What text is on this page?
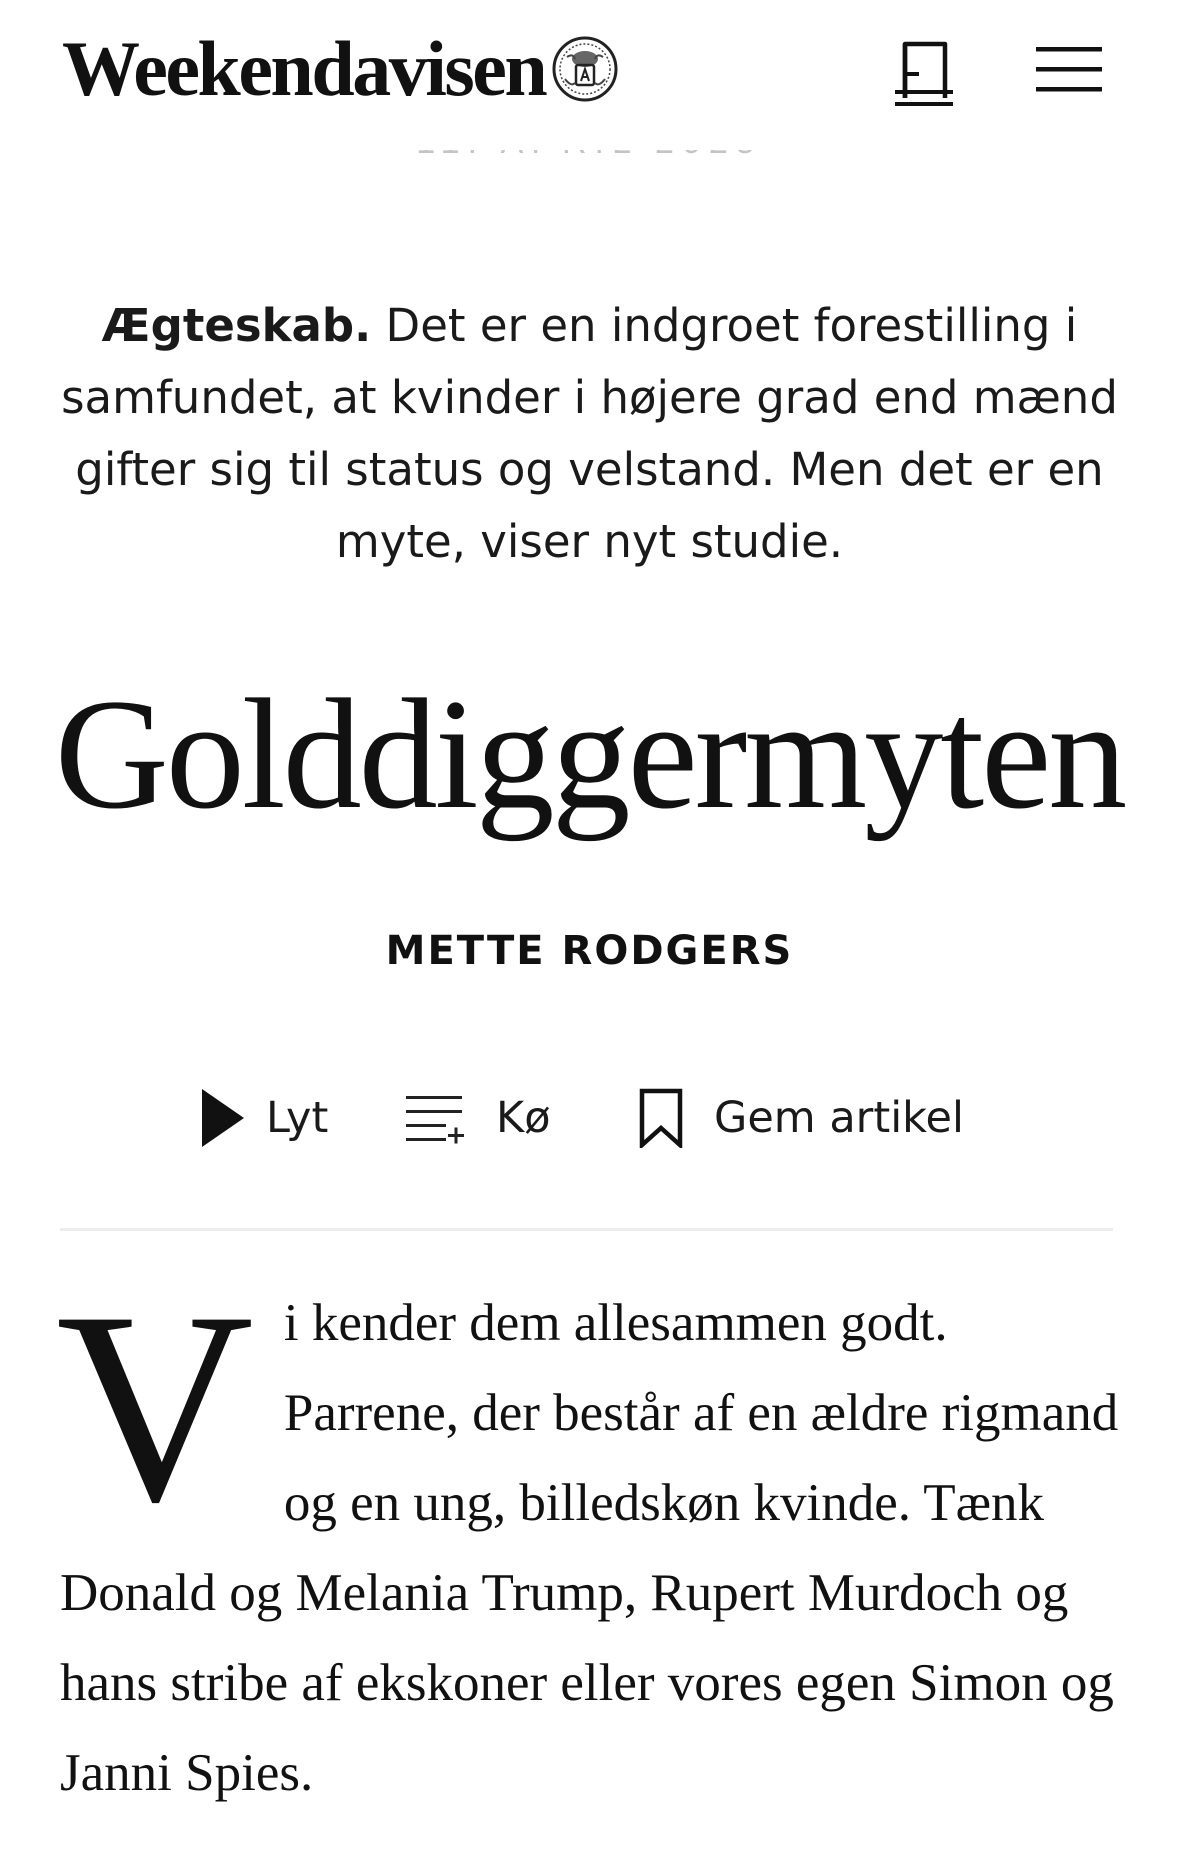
Weekendavisen
Ægteskab. Det er en indgroet forestilling i samfundet, at kvinder i højere grad end mænd gifter sig til status og velstand. Men det er en myte, viser nyt studie.
Golddiggermyten
METTE RODGERS
Lyt	Kø	Gem artikel

Vi kender dem allesammen godt. Parrene, der består af en ældre rigmand og en ung, billedskøn kvinde. Tænk Donald og Melania Trump, Rupert Murdoch og hans stribe af ekskoner eller vores egen Simon og Janni Spies.
